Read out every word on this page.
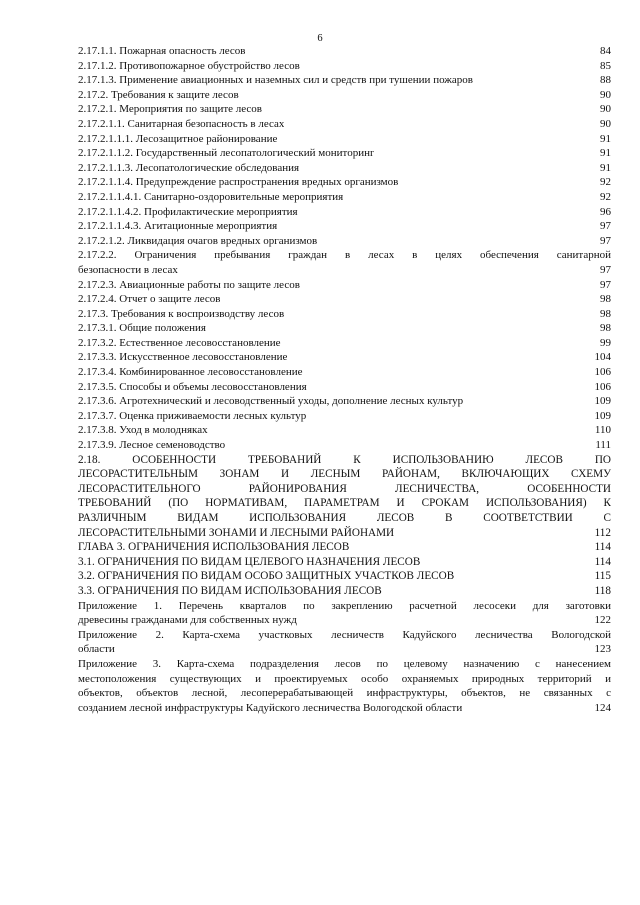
6
2.17.1.1. Пожарная опасность лесов	84
2.17.1.2. Противопожарное обустройство лесов	85
2.17.1.3. Применение авиационных и наземных сил и средств при тушении пожаров	88
2.17.2. Требования к защите лесов	90
2.17.2.1. Мероприятия по защите лесов	90
2.17.2.1.1. Санитарная безопасность в лесах	90
2.17.2.1.1.1. Лесозащитное районирование	91
2.17.2.1.1.2. Государственный лесопатологический мониторинг	91
2.17.2.1.1.3. Лесопатологические обследования	91
2.17.2.1.1.4. Предупреждение распространения вредных организмов	92
2.17.2.1.1.4.1. Санитарно-оздоровительные мероприятия	92
2.17.2.1.1.4.2. Профилактические мероприятия	96
2.17.2.1.1.4.3. Агитационные мероприятия	97
2.17.2.1.2. Ликвидация очагов вредных организмов	97
2.17.2.2. Ограничения пребывания граждан в лесах в целях обеспечения санитарной
безопасности в лесах	97
2.17.2.3. Авиационные работы по защите лесов	97
2.17.2.4. Отчет о защите лесов	98
2.17.3. Требования к воспроизводству лесов	98
2.17.3.1. Общие положения	98
2.17.3.2. Естественное лесовосстановление	99
2.17.3.3. Искусственное лесовосстановление	104
2.17.3.4. Комбинированное лесовосстановление	106
2.17.3.5. Способы и объемы лесовосстановления	106
2.17.3.6. Агротехнический и лесоводственный уходы, дополнение лесных культур	109
2.17.3.7. Оценка приживаемости лесных культур	109
2.17.3.8. Уход в молодняках	110
2.17.3.9. Лесное семеноводство	111
2.18. ОСОБЕННОСТИ ТРЕБОВАНИЙ К ИСПОЛЬЗОВАНИЮ ЛЕСОВ ПО
ЛЕСОРАСТИТЕЛЬНЫМ ЗОНАМ И ЛЕСНЫМ РАЙОНАМ, ВКЛЮЧАЮЩИХ СХЕМУ
ЛЕСОРАСТИТЕЛЬНОГО РАЙОНИРОВАНИЯ ЛЕСНИЧЕСТВА, ОСОБЕННОСТИ
ТРЕБОВАНИЙ (ПО НОРМАТИВАМ, ПАРАМЕТРАМ И СРОКАМ ИСПОЛЬЗОВАНИЯ) К
РАЗЛИЧНЫМ ВИДАМ ИСПОЛЬЗОВАНИЯ ЛЕСОВ В СООТВЕТСТВИИ С
ЛЕСОРАСТИТЕЛЬНЫМИ ЗОНАМИ И ЛЕСНЫМИ РАЙОНАМИ	112
ГЛАВА 3. ОГРАНИЧЕНИЯ ИСПОЛЬЗОВАНИЯ ЛЕСОВ	114
3.1. ОГРАНИЧЕНИЯ ПО ВИДАМ ЦЕЛЕВОГО НАЗНАЧЕНИЯ ЛЕСОВ	114
3.2. ОГРАНИЧЕНИЯ ПО ВИДАМ ОСОБО ЗАЩИТНЫХ УЧАСТКОВ ЛЕСОВ	115
3.3. ОГРАНИЧЕНИЯ ПО ВИДАМ ИСПОЛЬЗОВАНИЯ ЛЕСОВ	118
Приложение 1. Перечень кварталов по закреплению расчетной лесосеки для заготовки
древесины гражданами для собственных нужд	122
Приложение 2. Карта-схема участковых лесничеств Кадуйского лесничества Вологодской
области	123
Приложение 3. Карта-схема подразделения лесов по целевому назначению с нанесением
местоположения существующих и проектируемых особо охраняемых природных территорий и
объектов, объектов лесной, лесоперерабатывающей инфраструктуры, объектов, не связанных с
созданием лесной инфраструктуры Кадуйского лесничества Вологодской области	124
